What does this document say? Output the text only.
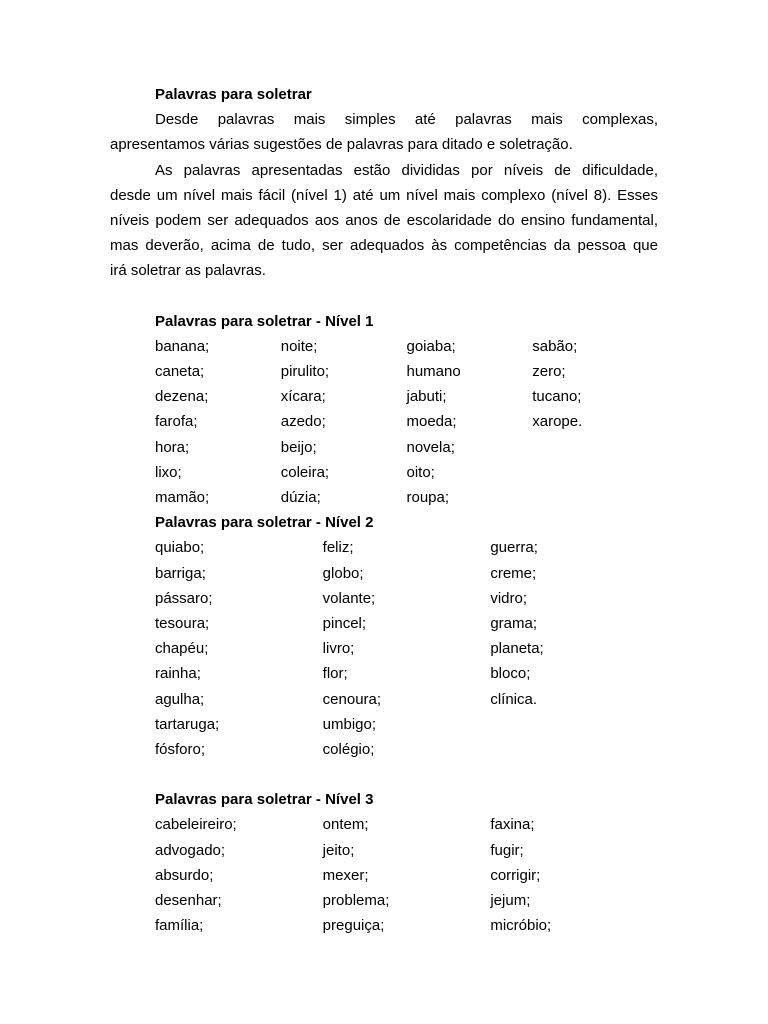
Palavras para soletrar
Desde palavras mais simples até palavras mais complexas,
apresentamos várias sugestões de palavras para ditado e soletração.
As palavras apresentadas estão divididas por níveis de dificuldade,
desde um nível mais fácil (nível 1) até um nível mais complexo (nível 8). Esses
níveis podem ser adequados aos anos de escolaridade do ensino fundamental,
mas deverão, acima de tudo, ser adequados às competências da pessoa que
irá soletrar as palavras.
Palavras para soletrar - Nível 1
banana;	noite;	goiaba;	sabão;
caneta;	pirulito;	humano	zero;
dezena;	xícara;	jabuti;	tucano;
farofa;	azedo;	moeda;	xarope.
hora;	beijo;	novela;
lixo;	coleira;	oito;
mamão;	dúzia;	roupa;
Palavras para soletrar - Nível 2
quiabo;	feliz;	guerra;
barriga;	globo;	creme;
pássaro;	volante;	vidro;
tesoura;	pincel;	grama;
chapéu;	livro;	planeta;
rainha;	flor;	bloco;
agulha;	cenoura;	clínica.
tartaruga;	umbigo;
fósforo;	colégio;
Palavras para soletrar - Nível 3
cabeleireiro;	ontem;	faxina;
advogado;	jeito;	fugir;
absurdo;	mexer;	corrigir;
desenhar;	problema;	jejum;
família;	preguiça;	micróbio;
